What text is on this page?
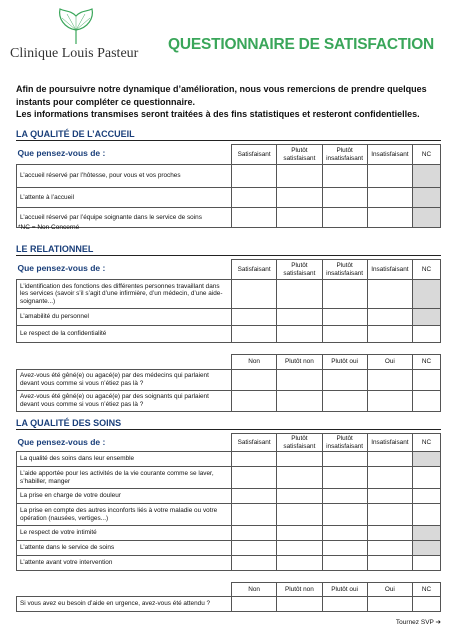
Clinique Louis Pasteur
QUESTIONNAIRE DE SATISFACTION
Afin de poursuivre notre dynamique d’amélioration, nous vous remercions de prendre quelques instants pour compléter ce questionnaire.
Les informations transmises seront traitées à des fins statistiques et resteront confidentielles.
LA QUALITÉ DE L’ACCUEIL
Que pensez-vous de :	Satisfaisant	Plutôt satisfaisant	Plutôt insatisfaisant	Insatisfaisant	NC
L’accueil réservé par l’hôtesse, pour vous et vos proches					
L’attente à l’accueil					
L’accueil réservé par l’équipe soignante dans le service de soins					
*NC = Non Concerné
LE RELATIONNEL
Que pensez-vous de :	Satisfaisant	Plutôt satisfaisant	Plutôt insatisfaisant	Insatisfaisant	NC
L’identification des fonctions des différentes personnes travaillant dans les services (savoir s’il s’agit d’une infirmière, d’un médecin, d’une aide-soignante...)					
L’amabilité du personnel					
Le respect de la confidentialité					

	Non	Plutôt non	Plutôt oui	Oui	NC
Avez-vous été gêné(e) ou agacé(e) par des médecins qui parlaient devant vous comme si vous n’étiez pas là ?					
Avez-vous été gêné(e) ou agacé(e) par des soignants qui parlaient devant vous comme si vous n’étiez pas là ?					
LA QUALITÉ DES SOINS
Que pensez-vous de :	Satisfaisant	Plutôt satisfaisant	Plutôt insatisfaisant	Insatisfaisant	NC
La qualité des soins dans leur ensemble					
L’aide apportée pour les activités de la vie courante comme se laver, s’habiller, manger					
La prise en charge de votre douleur					
La prise en compte des autres inconforts liés à votre maladie ou votre opération (nausées, vertiges...)					
Le respect de votre intimité					
L’attente dans le service de soins					
L’attente avant votre intervention					

	Non	Plutôt non	Plutôt oui	Oui	NC
Si vous avez eu besoin d’aide en urgence, avez-vous été attendu ?					
Tournez SVP ➔
